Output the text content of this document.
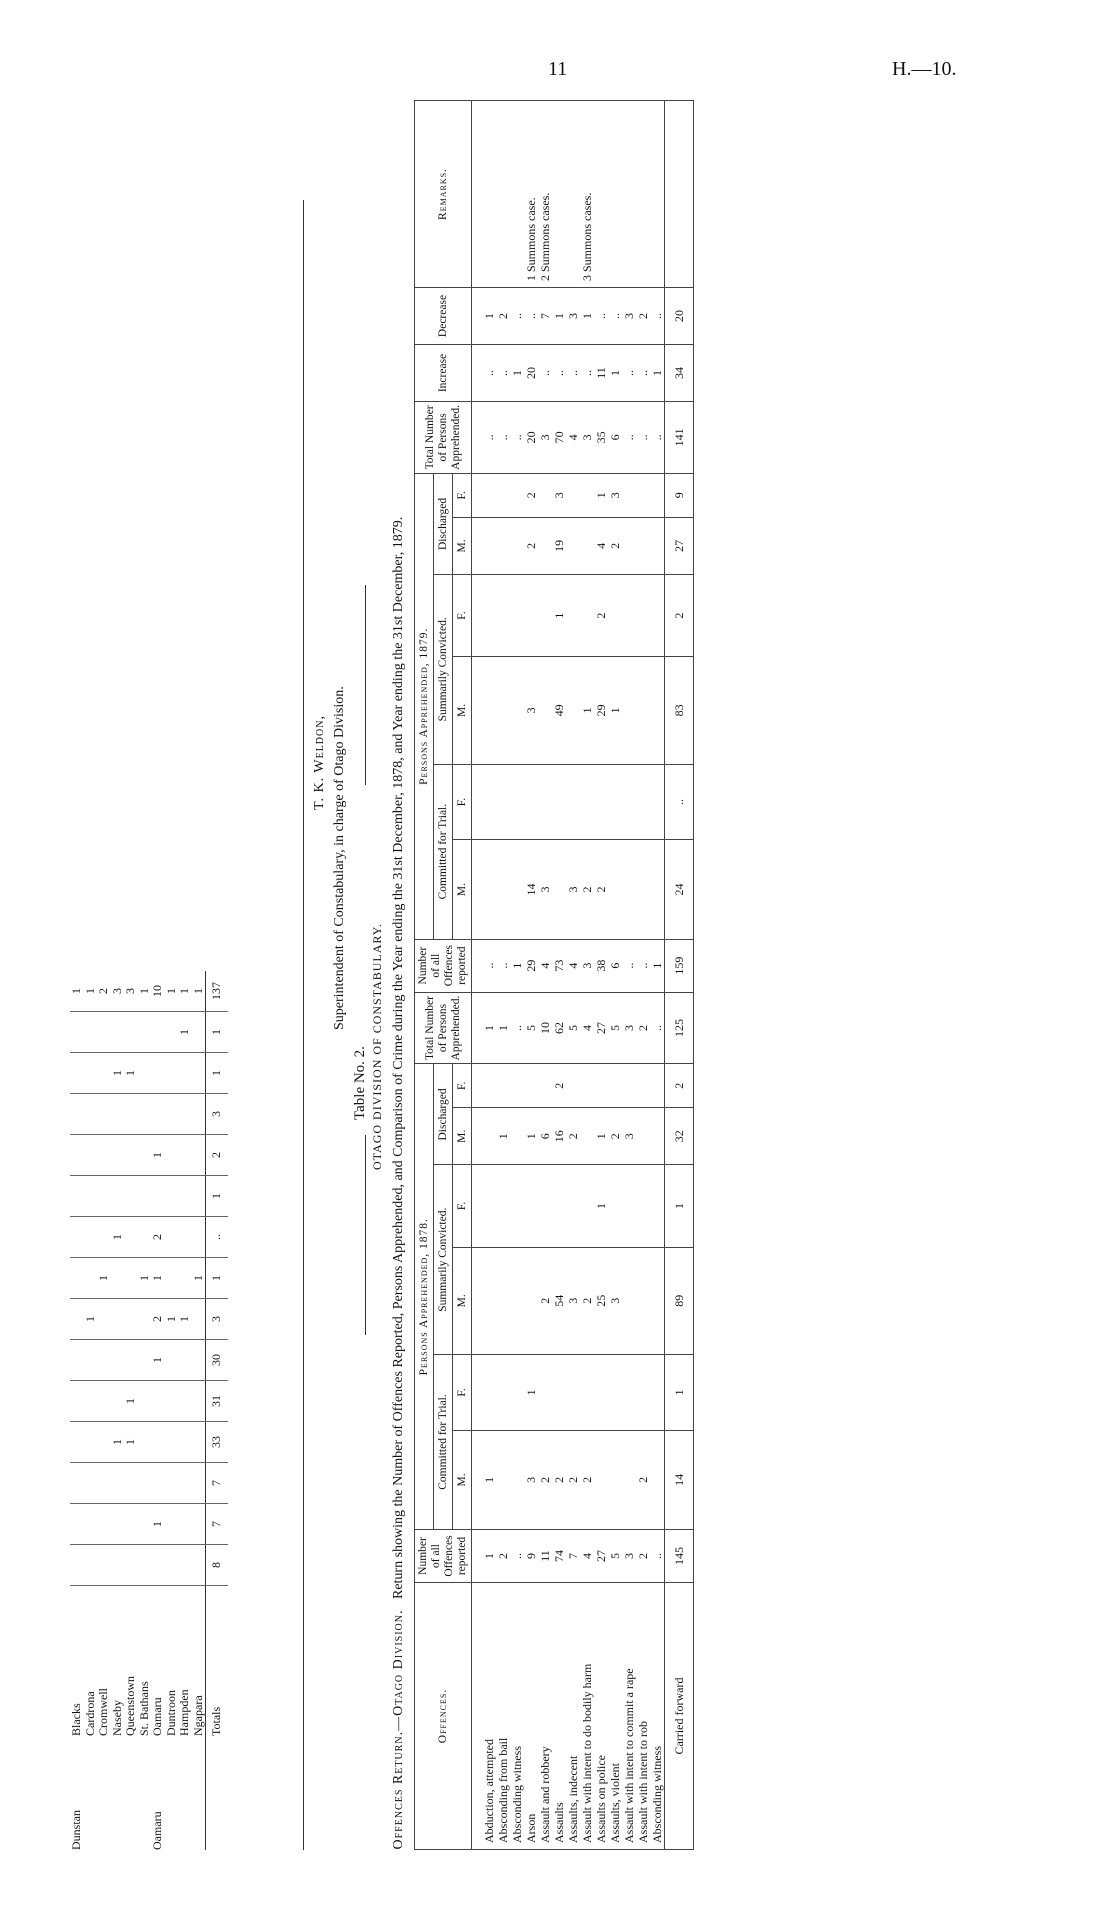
11	H.—10.
Dunstan	Blacks															1
	Cardrona							1								1
	Cromwell								1							2
	Naseby				1					1				1		3
	Queenstown				1	1								1		3
	St. Bathans								1							1
Oamaru	Oamaru		1				1	2	1	2		1				10
	Duntroon							1								1
	Hampden							1							1	1
	Ngapara								1							1
	Totals	8	7	7	33	31	30	3	1	..	1	2	3	1	1	137
T. K. Weldon, Superintendent of Constabulary, in charge of Otago Division.
Table No. 2. OTAGO DIVISION OF CONSTABULARY.
Offences Return.—Otago Division.   Return showing the Number of Offences Reported, Persons Apprehended, and Comparison of Crime during the Year ending the 31st December, 1878, and Year ending the 31st December, 1879.																			
Offences.	Number of all Offences reported	Persons Apprehended, 1878.						Total Number of Persons Apprehended.	Number of all Offences reported	Persons Apprehended, 1879.						Total Number of Persons Apprehended.	Increase	Decrease	Remarks.
		Committed for Trial.		Summarily Convicted.		Discharged				Committed for Trial.		Summarily Convicted.		Discharged					
		M.	F.	M.	F.	M.	F.			M.	F.	M.	F.	M.	F.				
Abduction, attempted	1	1						1	..							..	..	1	
Absconding from bail	2					1		1	..							..	..	2	
Absconding witness	..							..	1							..	1	..	
Arson	9	3	1			1		5	29	14		3		2	2	20	20	..	1 Summons case.
Assault and robbery	11	2		2		6		10	4	3						3	..	7	2 Summons cases.
Assaults	74	2		54		16	2	62	73			49	1	19	3	70	..	1	
Assaults, indecent	7	2		3		2		5	4	3						4	..	3	
Assault with intent to do bodily harm	4	2		2				4	3	2		1				3	..	1	3 Summons cases.
Assaults on police	27			25	1	1		27	38	2		29	2	4	1	35	11	..	
Assaults, violent	5			3		2		5	6			1		2	3	6	1	..	
Assault with intent to commit a rape	3					3		3	..							..	..	3	
Assault with intent to rob	2	2						2	..							..	..	2	
Absconding witness	..							..	1							..	1	..	
Carried forward	145	14	1	89	1	32	2	125	159	24	..	83	2	27	9	141	34	20	
